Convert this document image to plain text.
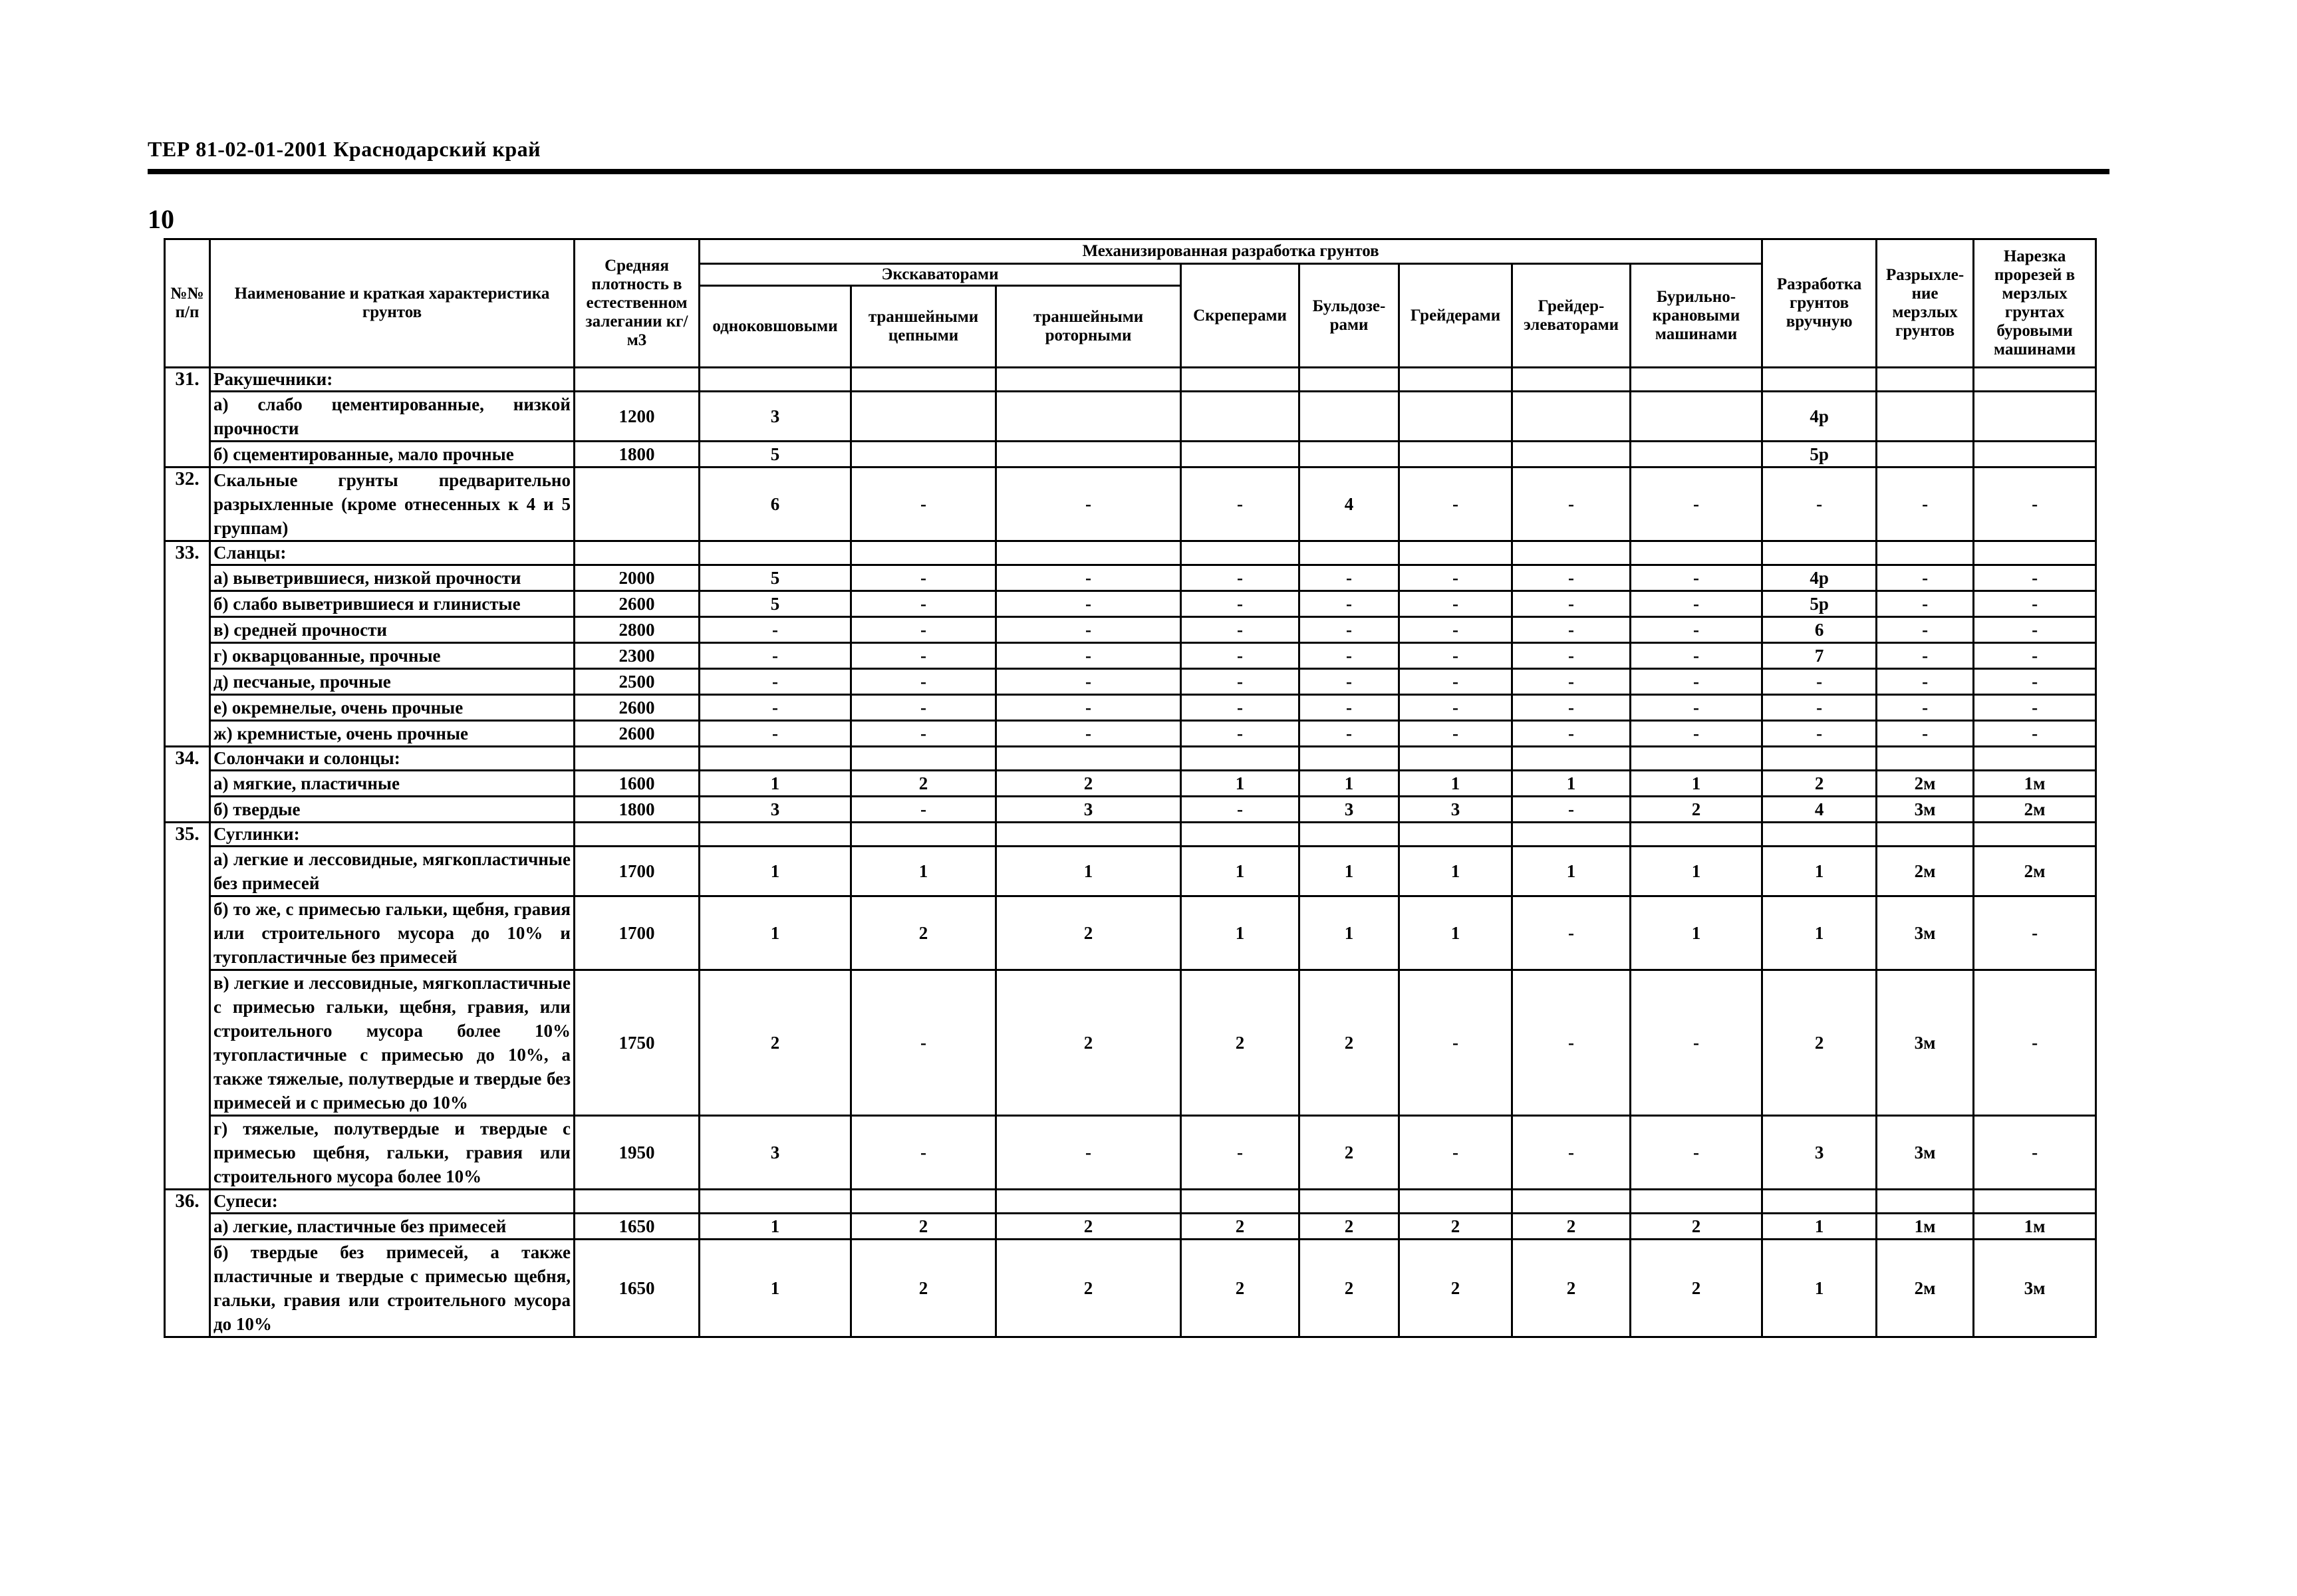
ТЕР 81-02-01-2001 Краснодарский край
10
№№ п/п	Наименование и краткая характеристика грунтов	Средняя плотность в естественном залегании кг/м3	Механизированная разработка грунтов								Разработка грунтов вручную	Разрыхле-ние мерзлых грунтов	Нарезка прорезей в мерзлых грунтах буровыми машинами
			Экскаваторами			Скреперами	Бульдозе-рами	Грейдерами	Грейдер-элеваторами	Бурильно-крановыми машинами			
			одноковшовыми	траншейными цепными	траншейными роторными								
31.	Ракушечники:												
	а) слабо цементированные, низкой прочности	1200	3								4р		
	б) сцементированные, мало прочные	1800	5								5р		
32.	Скальные грунты предварительно разрыхленные (кроме отнесенных к 4 и 5 группам)		6	-	-	-	4	-	-	-	-	-	-
33.	Сланцы:												
	а) выветрившиеся, низкой прочности	2000	5	-	-	-	-	-	-	-	4р	-	-
	б) слабо выветрившиеся и глинистые	2600	5	-	-	-	-	-	-	-	5р	-	-
	в) средней прочности	2800	-	-	-	-	-	-	-	-	6	-	-
	г) окварцованные, прочные	2300	-	-	-	-	-	-	-	-	7	-	-
	д) песчаные, прочные	2500	-	-	-	-	-	-	-	-	-	-	-
	е) окремнелые, очень прочные	2600	-	-	-	-	-	-	-	-	-	-	-
	ж) кремнистые, очень прочные	2600	-	-	-	-	-	-	-	-	-	-	-
34.	Солончаки и солонцы:												
	а) мягкие, пластичные	1600	1	2	2	1	1	1	1	1	2	2м	1м
	б) твердые	1800	3	-	3	-	3	3	-	2	4	3м	2м
35.	Суглинки:												
	а) легкие и лессовидные, мягкопластичные без примесей	1700	1	1	1	1	1	1	1	1	1	2м	2м
	б) то же, с примесью гальки, щебня, гравия или строительного мусора до 10% и тугопластичные без примесей	1700	1	2	2	1	1	1	-	1	1	3м	-
	в) легкие и лессовидные, мягкопластичные с примесью гальки, щебня, гравия, или строительного мусора более 10% тугопластичные с примесью до 10%, а также тяжелые, полутвердые и твердые без примесей и с примесью до 10%	1750	2	-	2	2	2	-	-	-	2	3м	-
	г) тяжелые, полутвердые и твердые с примесью щебня, гальки, гравия или строительного мусора более 10%	1950	3	-	-	-	2	-	-	-	3	3м	-
36.	Супеси:												
	а) легкие, пластичные без примесей	1650	1	2	2	2	2	2	2	2	1	1м	1м
	б) твердые без примесей, а также пластичные и твердые с примесью щебня, гальки, гравия или строительного мусора до 10%	1650	1	2	2	2	2	2	2	2	1	2м	3м
